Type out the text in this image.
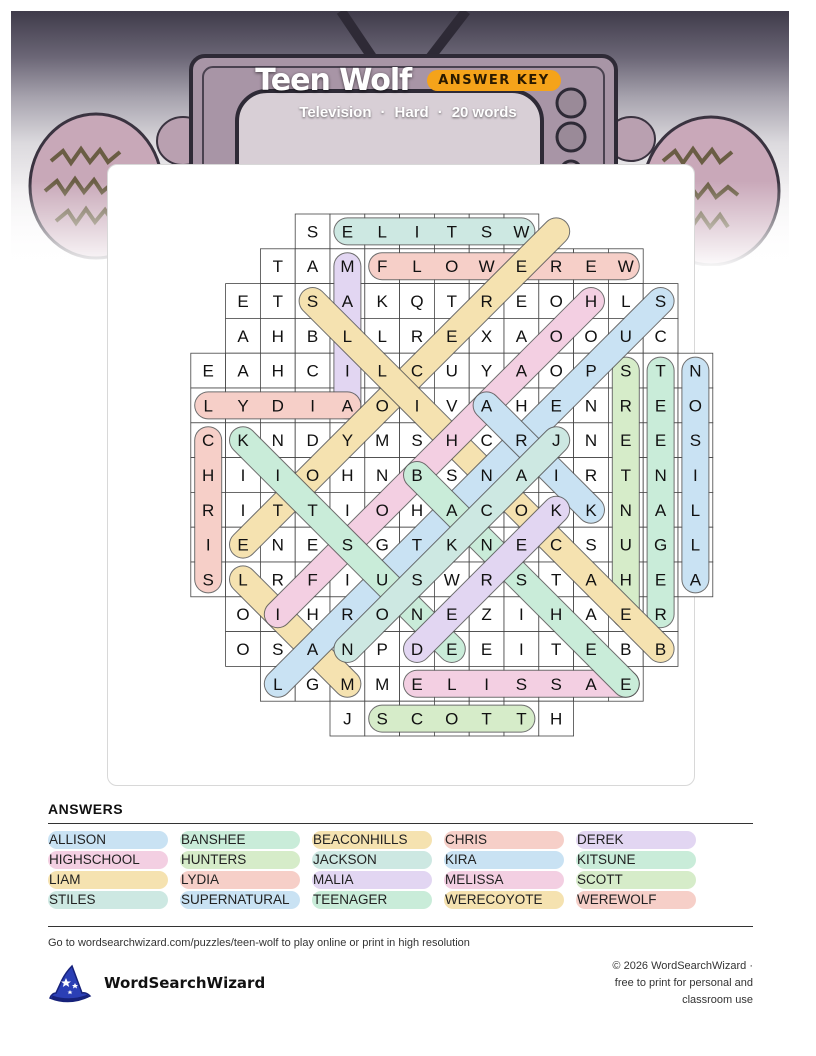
Teen Wolf	ANSWER KEY
Television · Hard · 20 words
S E L I T S W
T A M F L O W E R E W
E T S A K Q T R E O H L S
A H B L L R E X A O O U C
E A H C I L C U Y A O P S T N
L Y D I A O I V A H E N R E O
C K N D Y M S H C R J N E E S
H I I O H N B S N A I R T N I
R I T T I O H A C O K K N A L
I E N E S G T K N E C S U G L
S L R F I U S W R S T A H E A
O I H R O N E Z I H A E R
O S A N P D E E I T E B B
L G M M E L I S S A E
J S C O T T H
ANSWERS
ALLISON	BANSHEE	BEACONHILLS	CHRIS	DEREK
HIGHSCHOOL	HUNTERS	JACKSON	KIRA	KITSUNE
LIAM	LYDIA	MALIA	MELISSA	SCOTT
STILES	SUPERNATURAL	TEENAGER	WERECOYOTE	WEREWOLF
Go to wordsearchwizard.com/puzzles/teen-wolf to play online or print in high resolution
WordSearchWizard
© 2026 WordSearchWizard ·
free to print for personal and
classroom use
